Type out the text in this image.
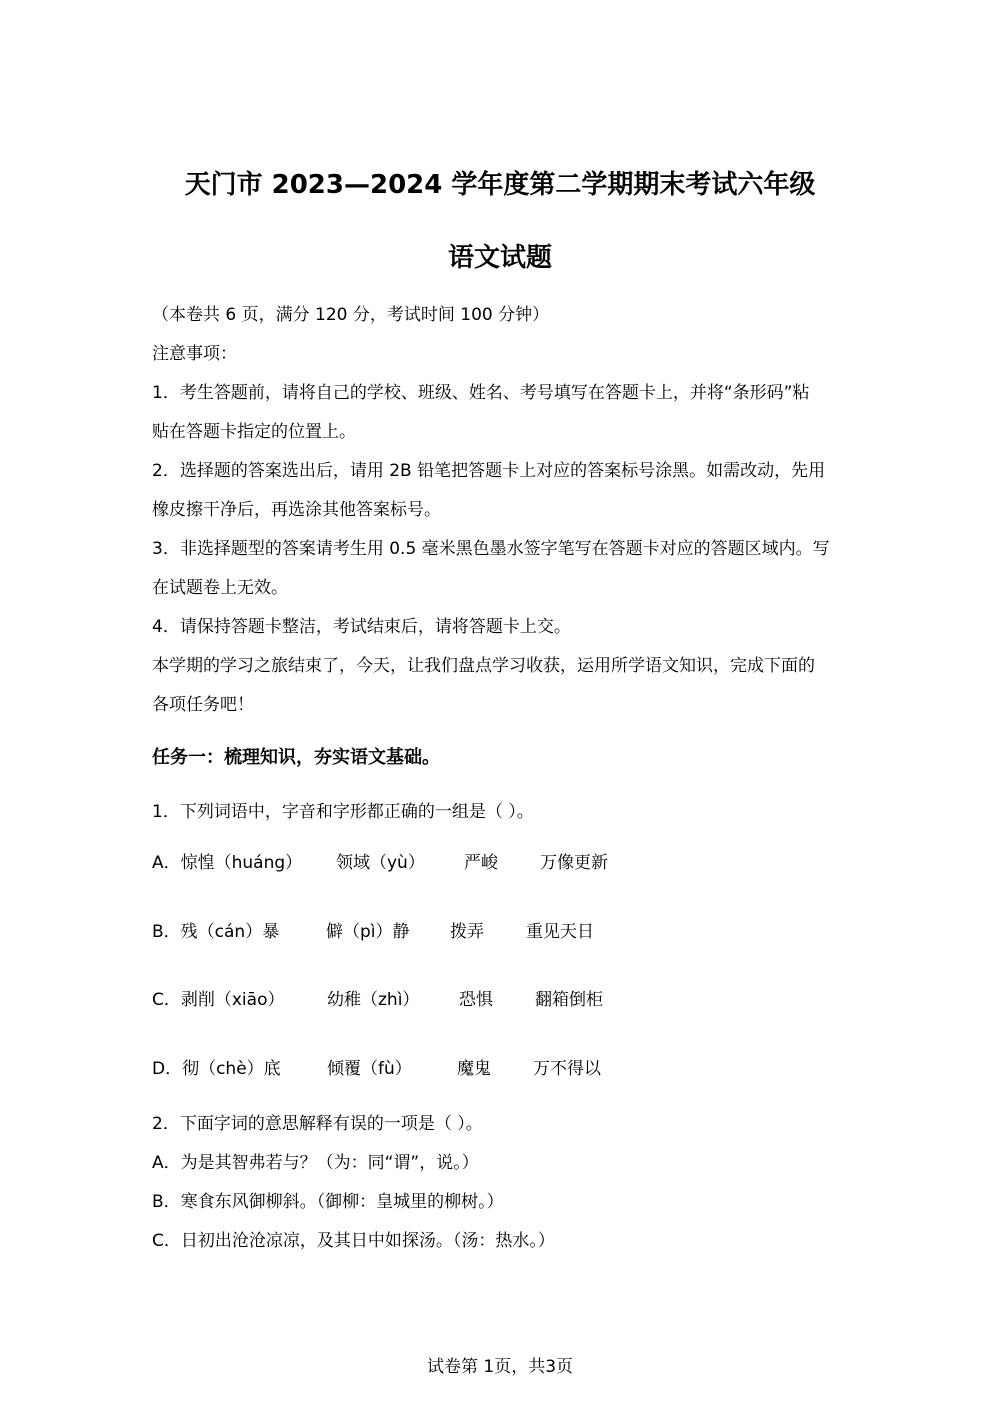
天门市 2023—2024 学年度第二学期期末考试六年级
语文试题
（本卷共 6 页，满分 120 分，考试时间 100 分钟）
注意事项：
1．考生答题前，请将自己的学校、班级、姓名、考号填写在答题卡上，并将“条形码”粘
贴在答题卡指定的位置上。
2．选择题的答案选出后，请用 2B 铅笔把答题卡上对应的答案标号涂黑。如需改动，先用
橡皮擦干净后，再选涂其他答案标号。
3．非选择题型的答案请考生用 0.5 毫米黑色墨水签字笔写在答题卡对应的答题区域内。写
在试题卷上无效。
4．请保持答题卡整洁，考试结束后，请将答题卡上交。
本学期的学习之旅结束了，今天，让我们盘点学习收获，运用所学语文知识，完成下面的
各项任务吧！
任务一：梳理知识，夯实语文基础。
1．下列词语中，字音和字形都正确的一组是（ ）。
A．惊惶（huáng） 领域（yù） 严峻 万像更新
B．残（cán）暴	僻（pì）静 拨弄 重见天日
C．剥削（xiāo）	幼稚（zhì） 恐惧 翻箱倒柜
D．彻（chè）底	倾覆（fù）	魔鬼 万不得以
2．下面字词的意思解释有误的一项是（ ）。
A．为是其智弗若与？（为：同“谓”，说。）
B．寒食东风御柳斜。（御柳：皇城里的柳树。）
C．日初出沧沧凉凉，及其日中如探汤。（汤：热水。）
试卷第 1页，共3页
